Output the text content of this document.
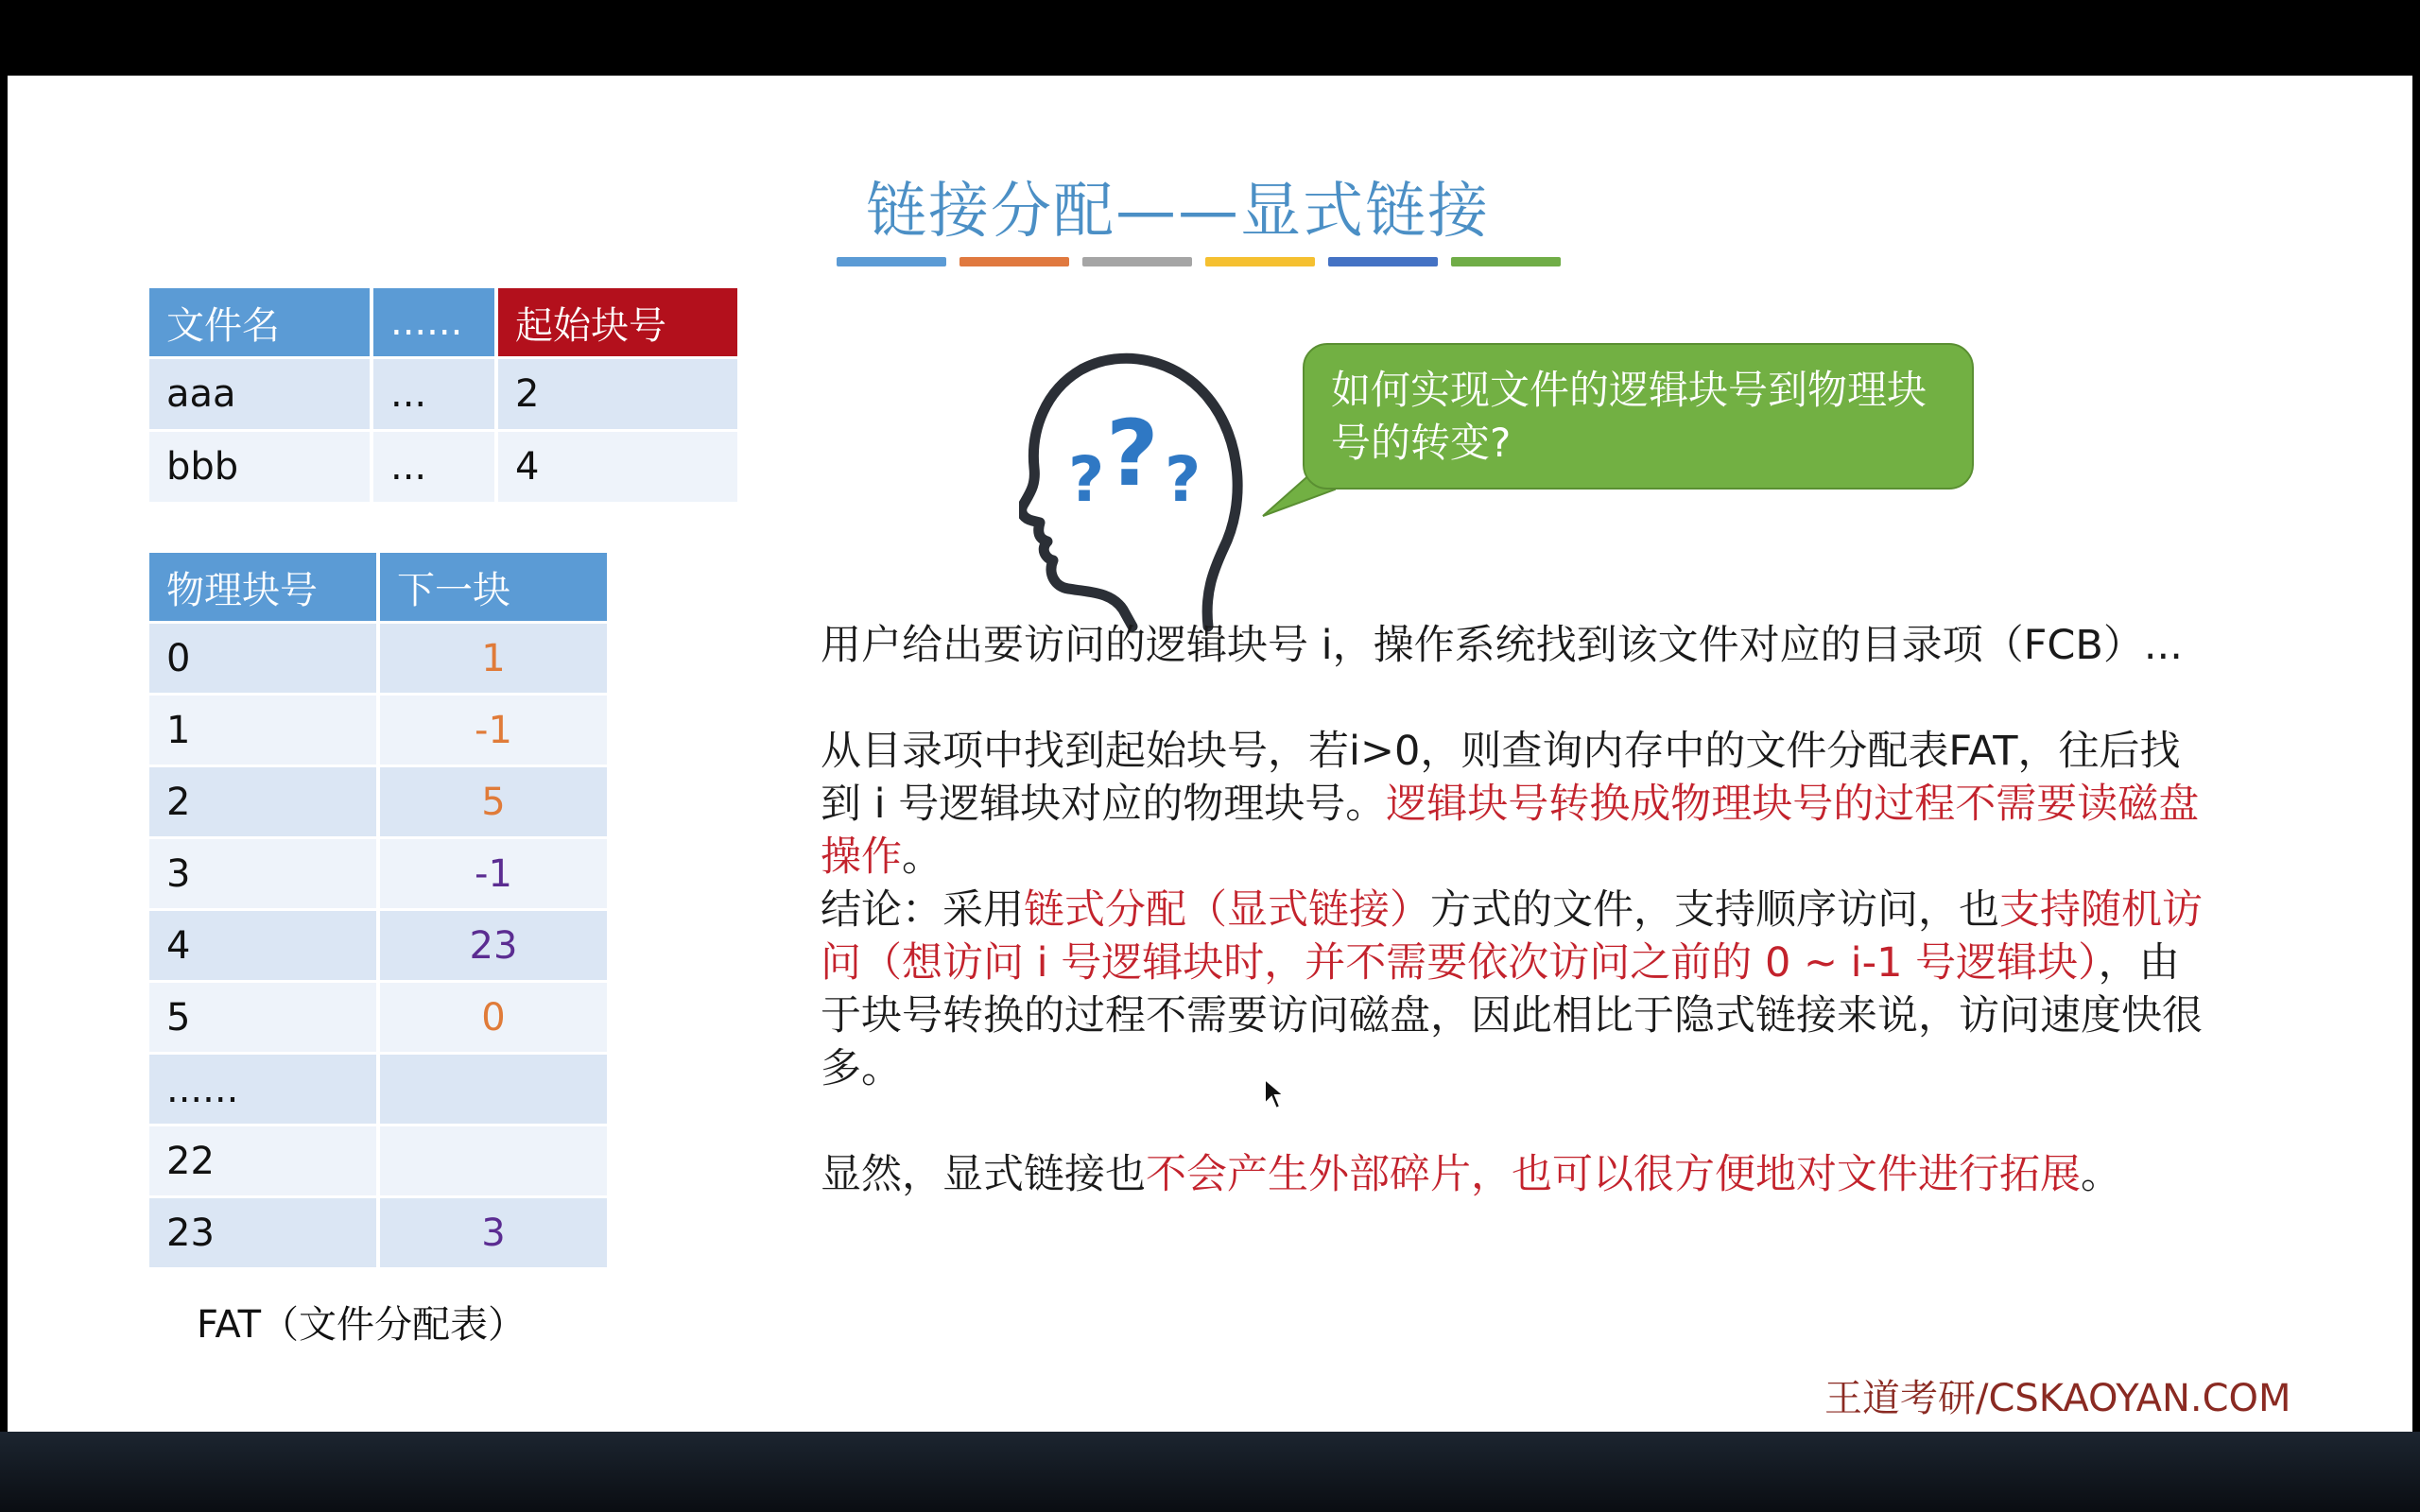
链接分配——显式链接
文件名	......	起始块号
aaa	...	2
bbb	...	4
物理块号	下一块
0	1
1	-1
2	5
3	-1
4	23
5	0
......	
22	
23	3
FAT（文件分配表）
? ? ?
如何实现文件的逻辑块号到物理块号的转变?

用户给出要访问的逻辑块号 i，操作系统找到该文件对应的目录项（FCB）...

从目录项中找到起始块号，若i>0，则查询内存中的文件分配表FAT，往后找到 i 号逻辑块对应的物理块号。逻辑块号转换成物理块号的过程不需要读磁盘操作。

结论：采用链式分配（显式链接）方式的文件，支持顺序访问，也支持随机访问（想访问 i 号逻辑块时，并不需要依次访问之前的 0 ~ i-1 号逻辑块），由于块号转换的过程不需要访问磁盘，因此相比于隐式链接来说，访问速度快很多。

显然，显式链接也不会产生外部碎片，也可以很方便地对文件进行拓展。

王道考研/CSKAOYAN.COM
